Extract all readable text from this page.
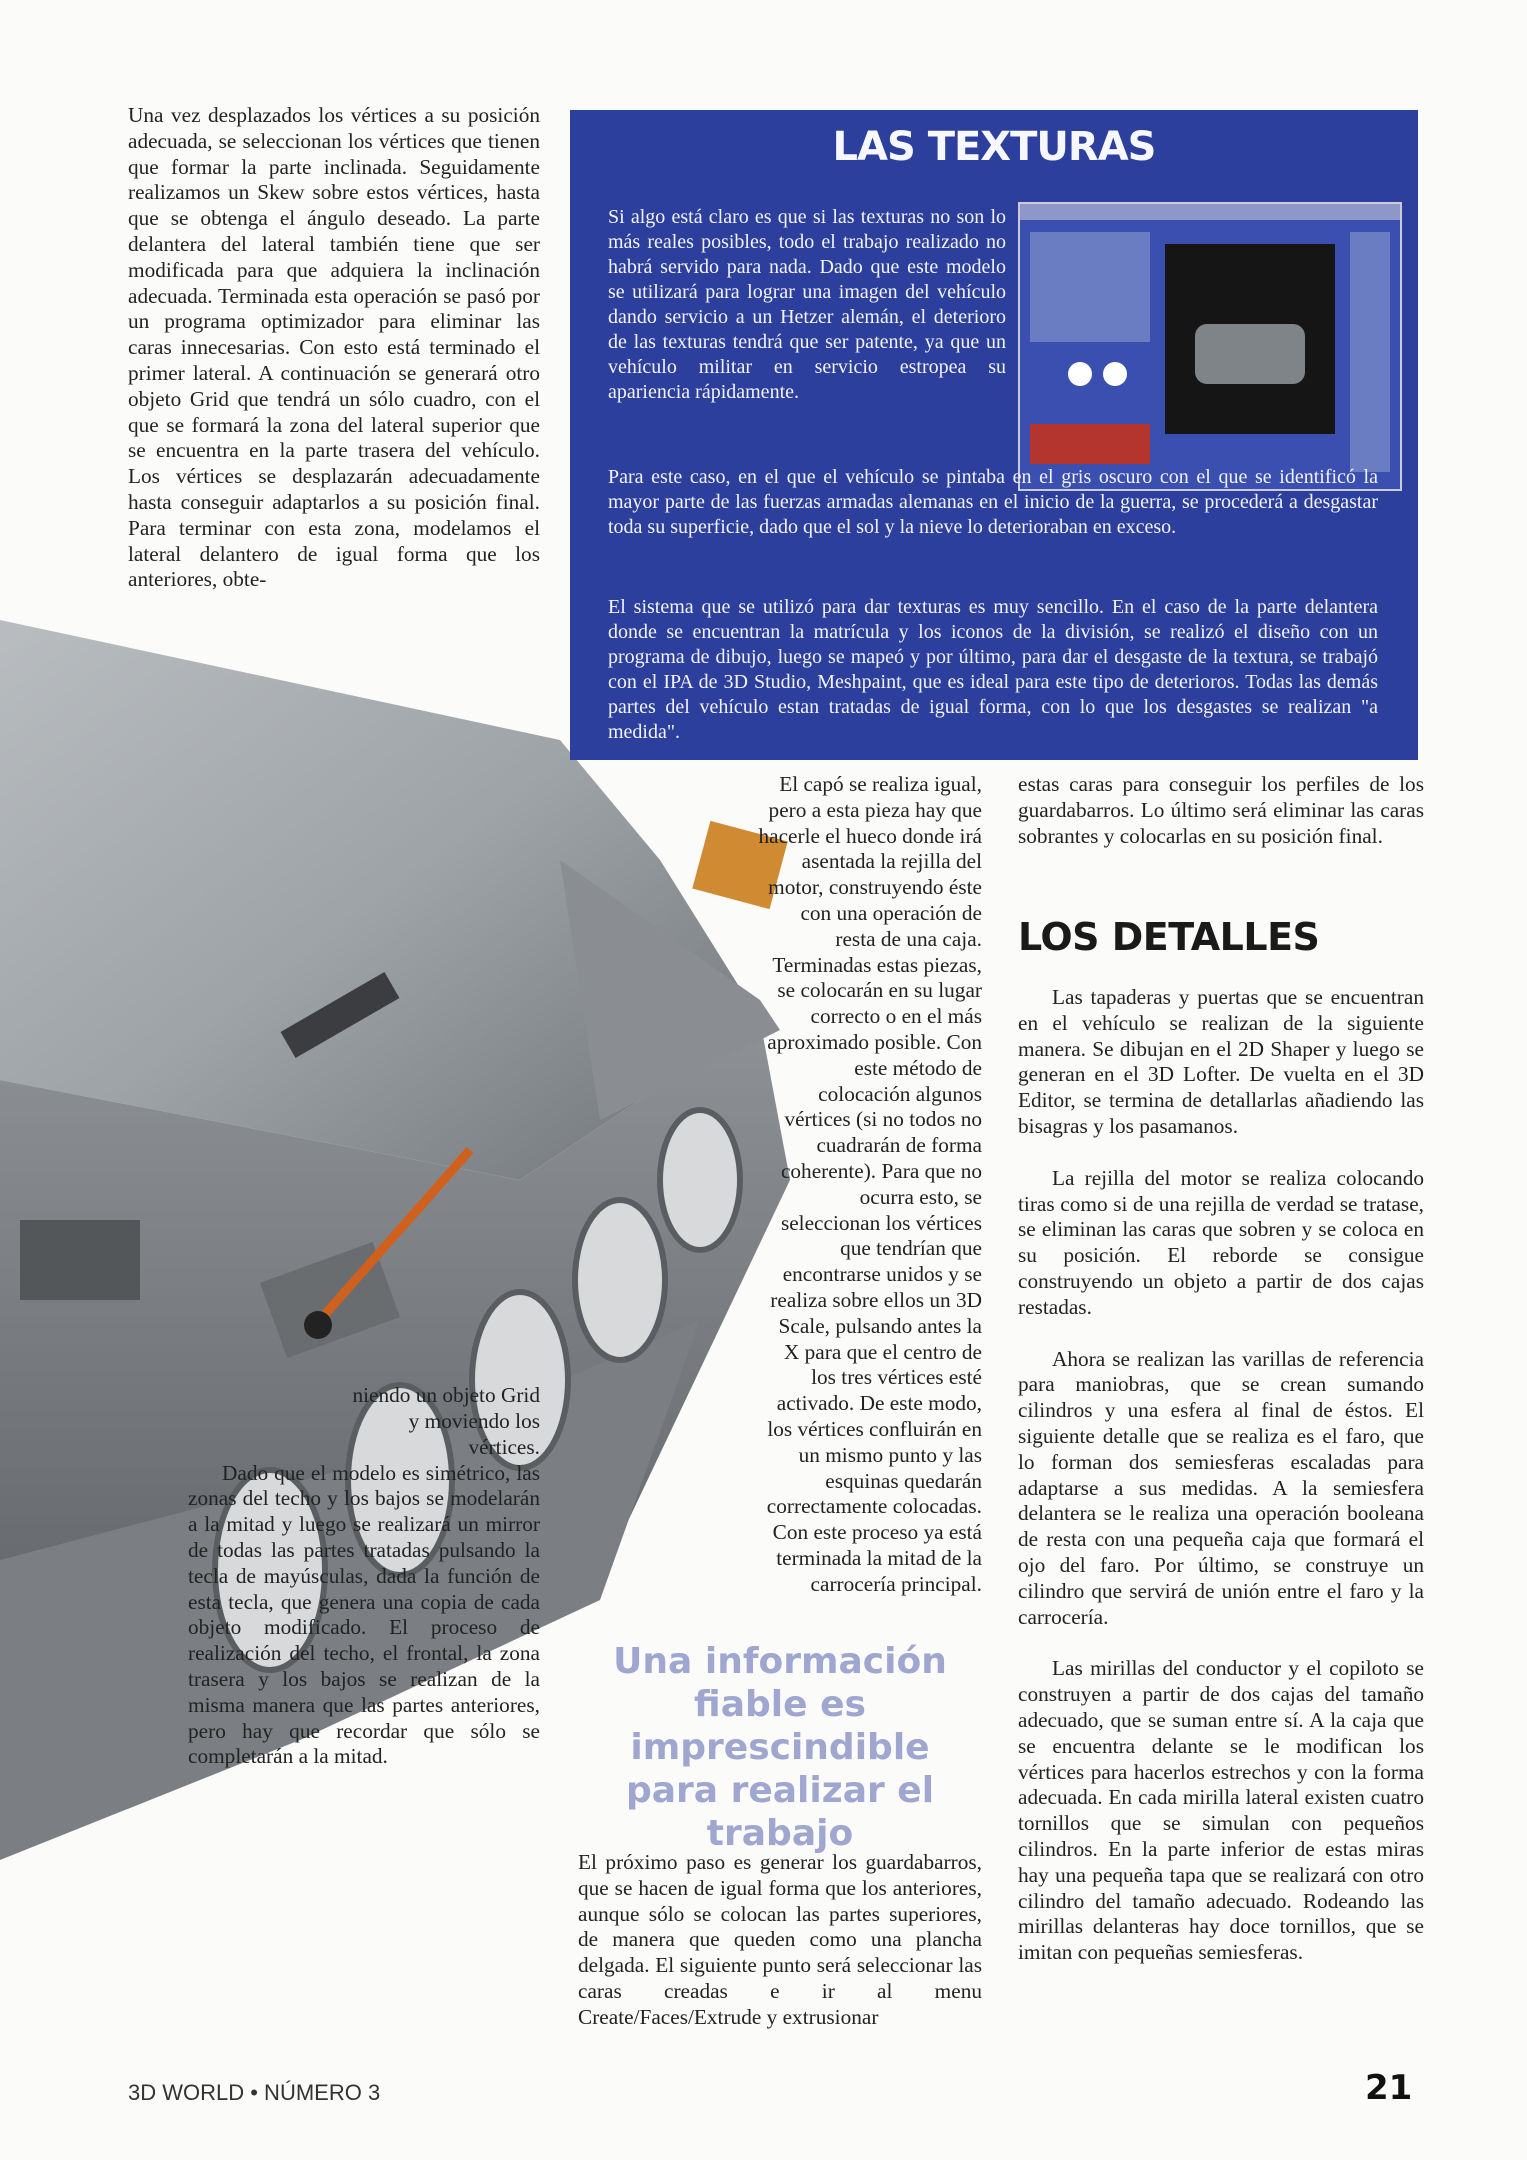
Una vez desplazados los vértices a su posición adecuada, se seleccionan los vértices que tienen que formar la parte inclinada. Seguidamente realizamos un Skew sobre estos vértices, hasta que se obtenga el ángulo deseado. La parte delantera del lateral también tiene que ser modificada para que adquiera la inclinación adecuada. Terminada esta operación se pasó por un programa optimizador para eliminar las caras innecesarias. Con esto está terminado el primer lateral. A continuación se generará otro objeto Grid que tendrá un sólo cuadro, con el que se formará la zona del lateral superior que se encuentra en la parte trasera del vehículo. Los vértices se desplazarán adecuadamente hasta conseguir adaptarlos a su posición final. Para terminar con esta zona, modelamos el lateral delantero de igual forma que los anteriores, obte-

niendo un objeto Grid y moviendo los vértices.

Dado que el modelo es simétrico, las zonas del techo y los bajos se modelarán a la mitad y luego se realizará un mirror de todas las partes tratadas pulsando la tecla de mayúsculas, dada la función de esta tecla, que genera una copia de cada objeto modificado. El proceso de realización del techo, el frontal, la zona trasera y los bajos se realizan de la misma manera que las partes anteriores, pero hay que recordar que sólo se completarán a la mitad.

LAS TEXTURAS
Si algo está claro es que si las texturas no son lo más reales posibles, todo el trabajo realizado no habrá servido para nada. Dado que este modelo se utilizará para lograr una imagen del vehículo dando servicio a un Hetzer alemán, el deterioro de las texturas tendrá que ser patente, ya que un vehículo militar en servicio estropea su apariencia rápidamente.
Para este caso, en el que el vehículo se pintaba en el gris oscuro con el que se identificó la mayor parte de las fuerzas armadas alemanas en el inicio de la guerra, se procederá a desgastar toda su superficie, dado que el sol y la nieve lo deterioraban en exceso.
El sistema que se utilizó para dar texturas es muy sencillo. En el caso de la parte delantera donde se encuentran la matrícula y los iconos de la división, se realizó el diseño con un programa de dibujo, luego se mapeó y por último, para dar el desgaste de la textura, se trabajó con el IPA de 3D Studio, Meshpaint, que es ideal para este tipo de deterioros. Todas las demás partes del vehículo estan tratadas de igual forma, con lo que los desgastes se realizan "a medida".

El capó se realiza igual, pero a esta pieza hay que hacerle el hueco donde irá asentada la rejilla del motor, construyendo éste con una operación de resta de una caja. Terminadas estas piezas, se colocarán en su lugar correcto o en el más aproximado posible. Con este método de colocación algunos vértices (si no todos no cuadrarán de forma coherente). Para que no ocurra esto, se seleccionan los vértices que tendrían que encontrarse unidos y se realiza sobre ellos un 3D Scale, pulsando antes la X para que el centro de los tres vértices esté activado. De este modo, los vértices confluirán en un mismo punto y las esquinas quedarán correctamente colocadas. Con este proceso ya está terminada la mitad de la carrocería principal.

Una información fiable es imprescindible para realizar el trabajo

El próximo paso es generar los guardabarros, que se hacen de igual forma que los anteriores, aunque sólo se colocan las partes superiores, de manera que queden como una plancha delgada. El siguiente punto será seleccionar las caras creadas e ir al menu Create/Faces/Extrude y extrusionar

estas caras para conseguir los perfiles de los guardabarros. Lo último será eliminar las caras sobrantes y colocarlas en su posición final.

LOS DETALLES

Las tapaderas y puertas que se encuentran en el vehículo se realizan de la siguiente manera. Se dibujan en el 2D Shaper y luego se generan en el 3D Lofter. De vuelta en el 3D Editor, se termina de detallarlas añadiendo las bisagras y los pasamanos.

La rejilla del motor se realiza colocando tiras como si de una rejilla de verdad se tratase, se eliminan las caras que sobren y se coloca en su posición. El reborde se consigue construyendo un objeto a partir de dos cajas restadas.

Ahora se realizan las varillas de referencia para maniobras, que se crean sumando cilindros y una esfera al final de éstos. El siguiente detalle que se realiza es el faro, que lo forman dos semiesferas escaladas para adaptarse a sus medidas. A la semiesfera delantera se le realiza una operación booleana de resta con una pequeña caja que formará el ojo del faro. Por último, se construye un cilindro que servirá de unión entre el faro y la carrocería.

Las mirillas del conductor y el copiloto se construyen a partir de dos cajas del tamaño adecuado, que se suman entre sí. A la caja que se encuentra delante se le modifican los vértices para hacerlos estrechos y con la forma adecuada. En cada mirilla lateral existen cuatro tornillos que se simulan con pequeños cilindros. En la parte inferior de estas miras hay una pequeña tapa que se realizará con otro cilindro del tamaño adecuado. Rodeando las mirillas delanteras hay doce tornillos, que se imitan con pequeñas semiesferas.

3D WORLD • NÚMERO 3	21
